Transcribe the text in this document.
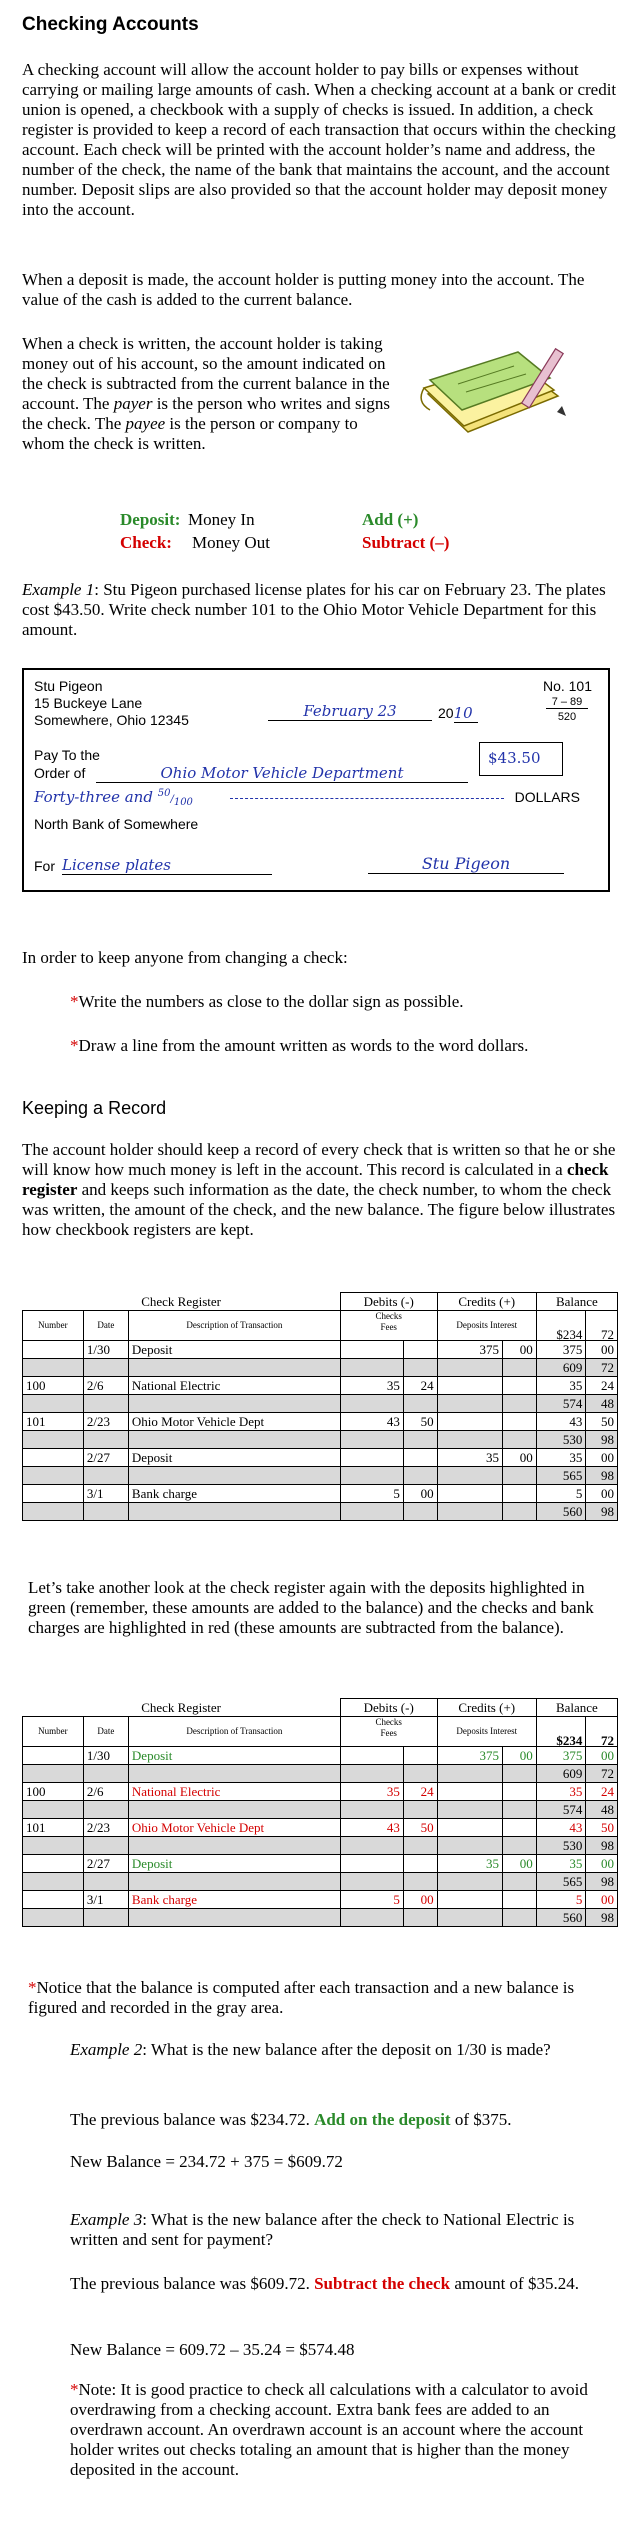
Checking Accounts
A checking account will allow the account holder to pay bills or expenses without carrying or mailing large amounts of cash. When a checking account at a bank or credit union is opened, a checkbook with a supply of checks is issued. In addition, a check register is provided to keep a record of each transaction that occurs within the checking account. Each check will be printed with the account holder’s name and address, the number of the check, the name of the bank that maintains the account, and the account number. Deposit slips are also provided so that the account holder may deposit money into the account.
When a deposit is made, the account holder is putting money into the account. The value of the cash is added to the current balance.
When a check is written, the account holder is taking money out of his account, so the amount indicated on the check is subtracted from the current balance in the account. The payer is the person who writes and signs the check. The payee is the person or company to whom the check is written.
Deposit: Money In	Add (+)
Check: Money Out	Subtract (–)
Example 1: Stu Pigeon purchased license plates for his car on February 23. The plates cost $43.50. Write check number 101 to the Ohio Motor Vehicle Department for this amount.
Stu Pigeon
15 Buckeye Lane
Somewhere, Ohio 12345
No. 101
7 – 89
520
February 23	2010
Pay To the
Order of	Ohio Motor Vehicle Department
$43.50
Forty-three and $^{50}/_{100}$	DOLLARS
North Bank of Somewhere
For License plates	Stu Pigeon
In order to keep anyone from changing a check:
*Write the numbers as close to the dollar sign as possible.
*Draw a line from the amount written as words to the word dollars.
Keeping a Record
The account holder should keep a record of every check that is written so that he or she will know how much money is left in the account. This record is calculated in a check register and keeps such information as the date, the check number, to whom the check was written, the amount of the check, and the new balance. The figure below illustrates how checkbook registers are kept.
Check Register			Debits (-)		Credits (+)		Balance	
Number	Date	Description of Transaction	Checks
Fees		Deposits Interest		$234	72
	1/30	Deposit			375	00	375	00
							609	72
100	2/6	National Electric	35	24			35	24
							574	48
101	2/23	Ohio Motor Vehicle Dept	43	50			43	50
							530	98
	2/27	Deposit			35	00	35	00
							565	98
	3/1	Bank charge	5	00			5	00
							560	98
Let’s take another look at the check register again with the deposits highlighted in green (remember, these amounts are added to the balance) and the checks and bank charges are highlighted in red (these amounts are subtracted from the balance).
Check Register			Debits (-)		Credits (+)		Balance	
Number	Date	Description of Transaction	Checks
Fees		Deposits Interest		$234	72
	1/30	Deposit			375	00	375	00
							609	72
100	2/6	National Electric	35	24			35	24
							574	48
101	2/23	Ohio Motor Vehicle Dept	43	50			43	50
							530	98
	2/27	Deposit			35	00	35	00
							565	98
	3/1	Bank charge	5	00			5	00
							560	98
*Notice that the balance is computed after each transaction and a new balance is figured and recorded in the gray area.
Example 2: What is the new balance after the deposit on 1/30 is made?
The previous balance was $234.72. Add on the deposit of $375.
New Balance = 234.72 + 375 = $609.72
Example 3: What is the new balance after the check to National Electric is written and sent for payment?
The previous balance was $609.72. Subtract the check amount of $35.24.
New Balance = 609.72 – 35.24 = $574.48
*Note: It is good practice to check all calculations with a calculator to avoid overdrawing from a checking account. Extra bank fees are added to an overdrawn account. An overdrawn account is an account where the account holder writes out checks totaling an amount that is higher than the money deposited in the account.
